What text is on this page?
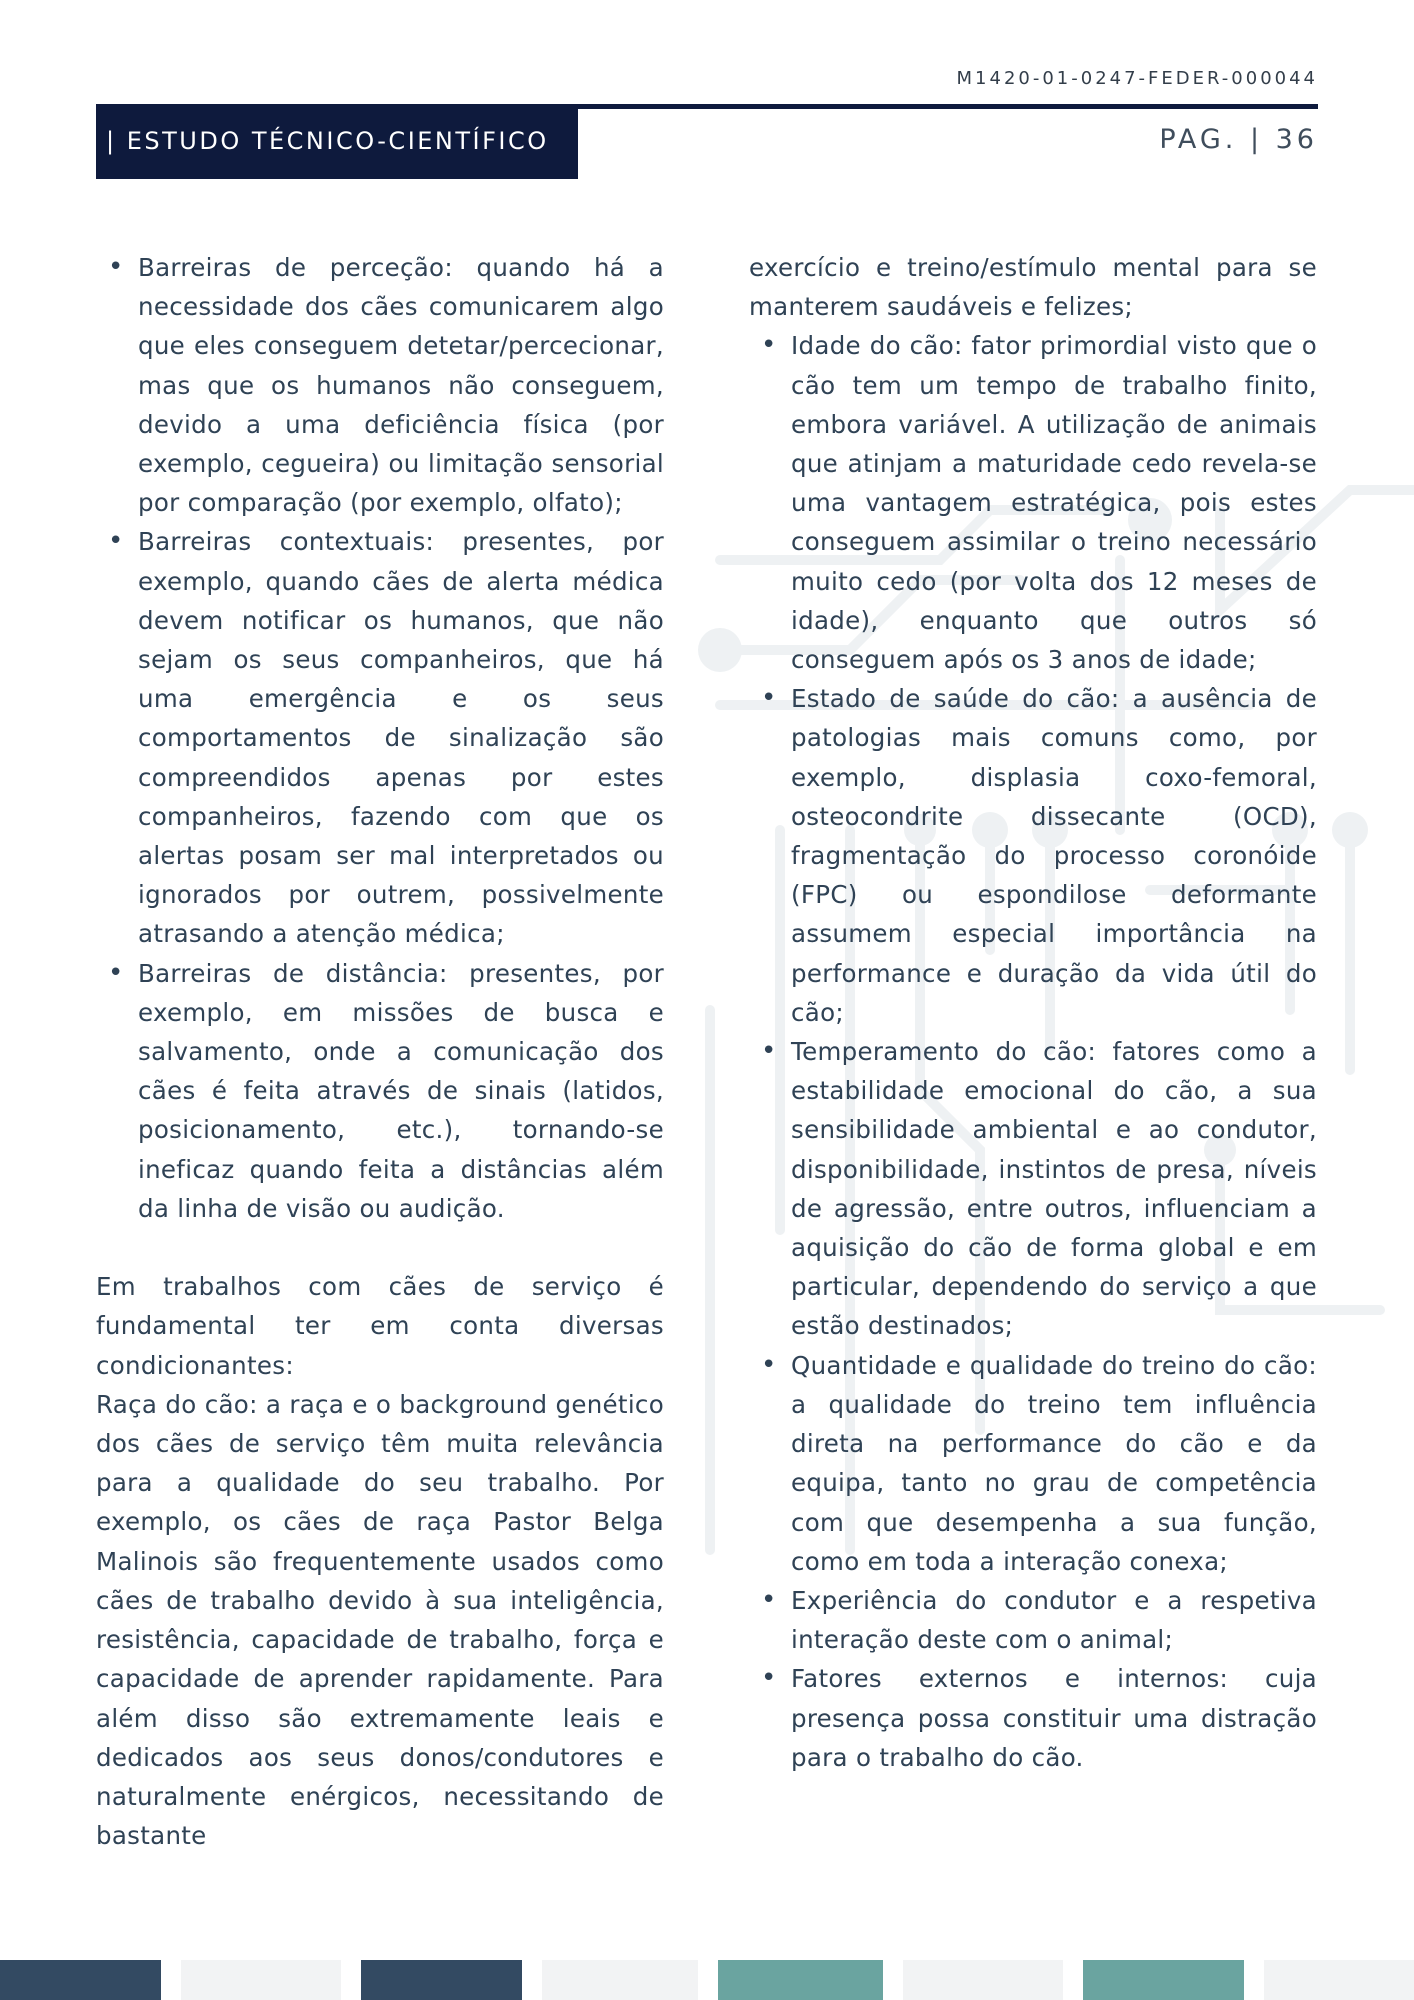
M1420-01-0247-FEDER-000044
| ESTUDO TÉCNICO-CIENTÍFICO	PAG. | 36
• Barreiras de perceção: quando há a necessidade dos cães comunicarem algo que eles conseguem detetar/percecionar, mas que os humanos não conseguem, devido a uma deficiência física (por exemplo, cegueira) ou limitação sensorial por comparação (por exemplo, olfato);
• Barreiras contextuais: presentes, por exemplo, quando cães de alerta médica devem notificar os humanos, que não sejam os seus companheiros, que há uma emergência e os seus comportamentos de sinalização são compreendidos apenas por estes companheiros, fazendo com que os alertas posam ser mal interpretados ou ignorados por outrem, possivelmente atrasando a atenção médica;
• Barreiras de distância: presentes, por exemplo, em missões de busca e salvamento, onde a comunicação dos cães é feita através de sinais (latidos, posicionamento, etc.), tornando-se ineficaz quando feita a distâncias além da linha de visão ou audição.

Em trabalhos com cães de serviço é fundamental ter em conta diversas condicionantes:

Raça do cão: a raça e o background genético dos cães de serviço têm muita relevância para a qualidade do seu trabalho. Por exemplo, os cães de raça Pastor Belga Malinois são frequentemente usados como cães de trabalho devido à sua inteligência, resistência, capacidade de trabalho, força e capacidade de aprender rapidamente. Para além disso são extremamente leais e dedicados aos seus donos/condutores e naturalmente enérgicos, necessitando de bastante

exercício e treino/estímulo mental para se manterem saudáveis e felizes;

• Idade do cão: fator primordial visto que o cão tem um tempo de trabalho finito, embora variável. A utilização de animais que atinjam a maturidade cedo revela-se uma vantagem estratégica, pois estes conseguem assimilar o treino necessário muito cedo (por volta dos 12 meses de idade), enquanto que outros só conseguem após os 3 anos de idade;
• Estado de saúde do cão: a ausência de patologias mais comuns como, por exemplo, displasia coxo-femoral, osteocondrite dissecante (OCD), fragmentação do processo coronóide (FPC) ou espondilose deformante assumem especial importância na performance e duração da vida útil do cão;
• Temperamento do cão: fatores como a estabilidade emocional do cão, a sua sensibilidade ambiental e ao condutor, disponibilidade, instintos de presa, níveis de agressão, entre outros, influenciam a aquisição do cão de forma global e em particular, dependendo do serviço a que estão destinados;
• Quantidade e qualidade do treino do cão: a qualidade do treino tem influência direta na performance do cão e da equipa, tanto no grau de competência com que desempenha a sua função, como em toda a interação conexa;
• Experiência do condutor e a respetiva interação deste com o animal;
• Fatores externos e internos: cuja presença possa constituir uma distração para o trabalho do cão.
